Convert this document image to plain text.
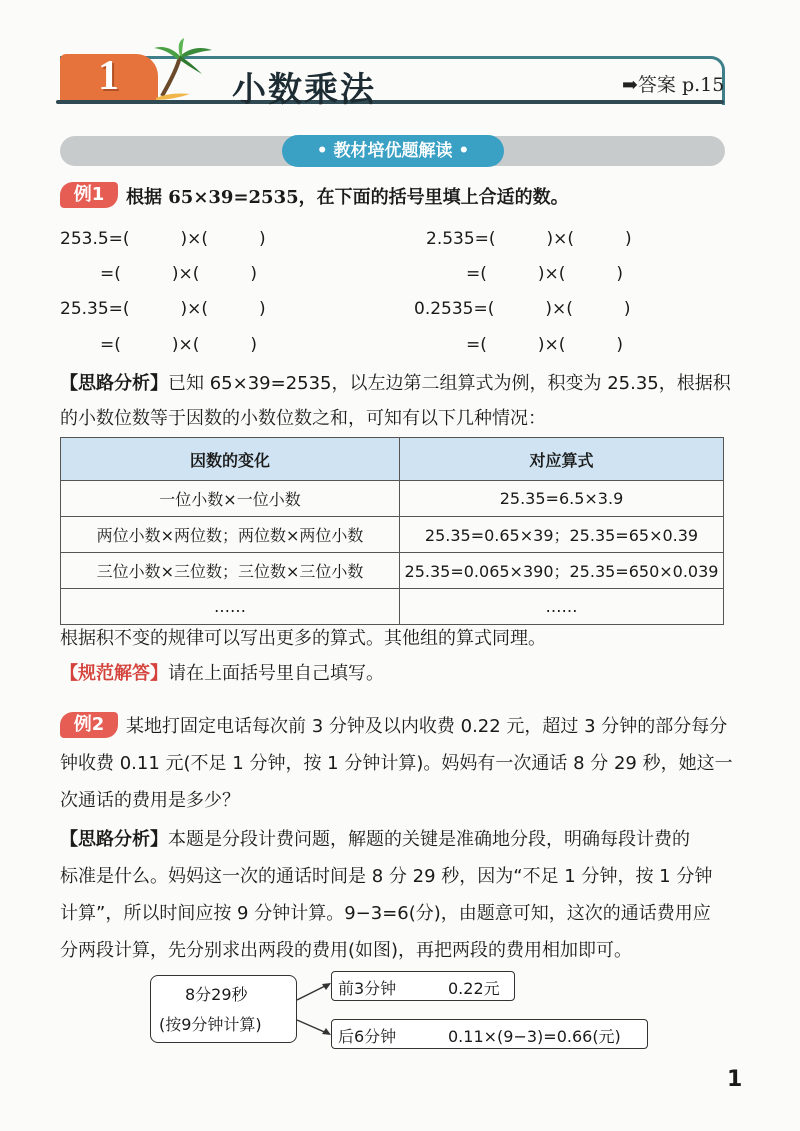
1	小数乘法	➡答案 p.15
• 教材培优题解读 •
例1	根据 65×39=2535，在下面的括号里填上合适的数。
253.5=(　　　)×(　　　)
=(　　　)×(　　　)
25.35=(　　　)×(　　　)
=(　　　)×(　　　)
2.535=(　　　)×(　　　)
=(　　　)×(　　　)
0.2535=(　　　)×(　　　)
=(　　　)×(　　　)
【思路分析】已知 65×39=2535，以左边第二组算式为例，积变为 25.35，根据积
的小数位数等于因数的小数位数之和，可知有以下几种情况：
因数的变化	对应算式
一位小数×一位小数	25.35=6.5×3.9
两位小数×两位数；两位数×两位小数	25.35=0.65×39；25.35=65×0.39
三位小数×三位数；三位数×三位小数	25.35=0.065×390；25.35=650×0.039
……	……
根据积不变的规律可以写出更多的算式。其他组的算式同理。
【规范解答】请在上面括号里自己填写。
例2	某地打固定电话每次前 3 分钟及以内收费 0.22 元，超过 3 分钟的部分每分
钟收费 0.11 元(不足 1 分钟，按 1 分钟计算)。妈妈有一次通话 8 分 29 秒，她这一
次通话的费用是多少？
【思路分析】本题是分段计费问题，解题的关键是准确地分段，明确每段计费的
标准是什么。妈妈这一次的通话时间是 8 分 29 秒，因为“不足 1 分钟，按 1 分钟
计算”，所以时间应按 9 分钟计算。9−3=6(分)，由题意可知，这次的通话费用应
分两段计算，先分别求出两段的费用(如图)，再把两段的费用相加即可。
8分29秒
(按9分钟计算)
前3分钟	0.22元
后6分钟	0.11×(9−3)=0.66(元)
1
